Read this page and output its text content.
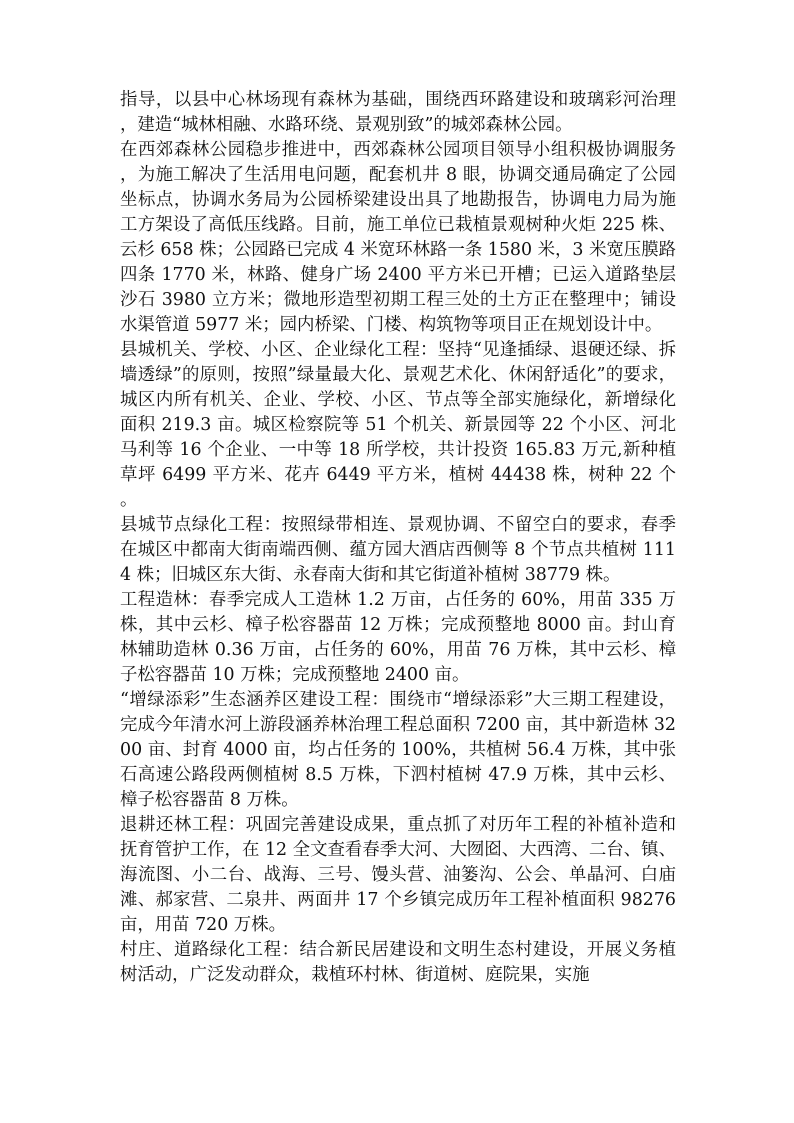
指导，以县中心林场现有森林为基础，围绕西环路建设和玻璃彩河治理，建造“城林相融、水路环绕、景观别致”的城郊森林公园。

在西郊森林公园稳步推进中，西郊森林公园项目领导小组积极协调服务，为施工解决了生活用电问题，配套机井 8 眼，协调交通局确定了公园坐标点，协调水务局为公园桥梁建设出具了地勘报告，协调电力局为施工方架设了高低压线路。目前，施工单位已栽植景观树种火炬 225 株、云杉 658 株；公园路已完成 4 米宽环林路一条 1580 米，3 米宽压膜路四条 1770 米，林路、健身广场 2400 平方米已开槽；已运入道路垫层沙石 3980 立方米；微地形造型初期工程三处的土方正在整理中；铺设水渠管道 5977 米；园内桥梁、门楼、构筑物等项目正在规划设计中。

县城机关、学校、小区、企业绿化工程：坚持“见逢插绿、退硬还绿、拆墙透绿”的原则，按照”绿量最大化、景观艺术化、休闲舒适化”的要求，城区内所有机关、企业、学校、小区、节点等全部实施绿化，新增绿化面积 219.3 亩。城区检察院等 51 个机关、新景园等 22 个小区、河北马利等 16 个企业、一中等 18 所学校，共计投资 165.83 万元,新种植草坪 6499 平方米、花卉 6449 平方米，植树 44438 株，树种 22 个。

县城节点绿化工程：按照绿带相连、景观协调、不留空白的要求，春季在城区中都南大街南端西侧、蕴方园大酒店西侧等 8 个节点共植树 1114 株；旧城区东大街、永春南大街和其它街道补植树 38779 株。

工程造林：春季完成人工造林 1.2 万亩，占任务的 60%，用苗 335 万株，其中云杉、樟子松容器苗 12 万株；完成预整地 8000 亩。封山育林辅助造林 0.36 万亩，占任务的 60%，用苗 76 万株，其中云杉、樟子松容器苗 10 万株；完成预整地 2400 亩。

“增绿添彩”生态涵养区建设工程：围绕市“增绿添彩”大三期工程建设，完成今年清水河上游段涵养林治理工程总面积 7200 亩，其中新造林 3200 亩、封育 4000 亩，均占任务的 100%，共植树 56.4 万株，其中张石高速公路段两侧植树 8.5 万株，下泗村植树 47.9 万株，其中云杉、樟子松容器苗 8 万株。

退耕还林工程：巩固完善建设成果，重点抓了对历年工程的补植补造和抚育管护工作，在 12 全文查看春季大河、大囫囵、大西湾、二台、镇、海流图、小二台、战海、三号、馒头营、油篓沟、公会、单晶河、白庙滩、郝家营、二泉井、两面井 17 个乡镇完成历年工程补植面积 98276 亩，用苗 720 万株。

村庄、道路绿化工程：结合新民居建设和文明生态村建设，开展义务植树活动，广泛发动群众，栽植环村林、街道树、庭院果，实施
